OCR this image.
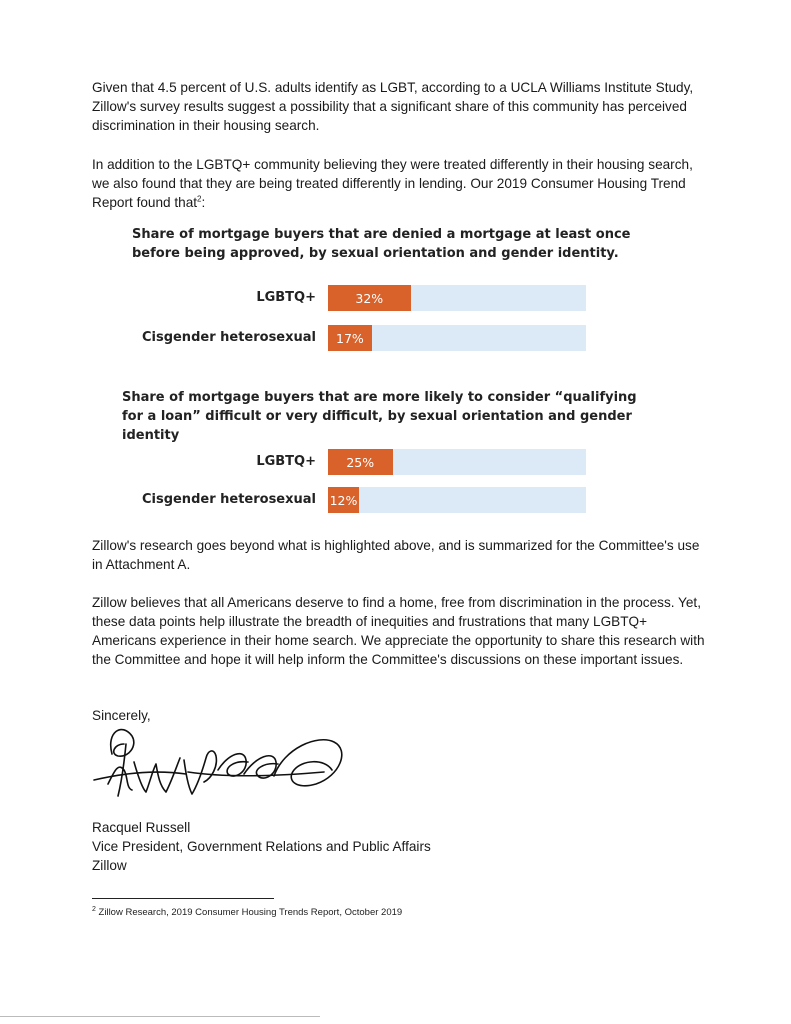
Given that 4.5 percent of U.S. adults identify as LGBT, according to a UCLA Williams Institute Study, Zillow's survey results suggest a possibility that a significant share of this community has perceived discrimination in their housing search.

In addition to the LGBTQ+ community believing they were treated differently in their housing search, we also found that they are being treated differently in lending. Our 2019 Consumer Housing Trend Report found that$^2$:

Share of mortgage buyers that are denied a mortgage at least once before being approved, by sexual orientation and gender identity.

LGBTQ+	32%
Cisgender heterosexual 17%

Share of mortgage buyers that are more likely to consider “qualifying for a loan” difficult or very difficult, by sexual orientation and gender identity

LGBTQ+ 25%
Cisgender heterosexual 12%

Zillow's research goes beyond what is highlighted above, and is summarized for the Committee's use in Attachment A.

Zillow believes that all Americans deserve to find a home, free from discrimination in the process. Yet, these data points help illustrate the breadth of inequities and frustrations that many LGBTQ+ Americans experience in their home search. We appreciate the opportunity to share this research with the Committee and hope it will help inform the Committee's discussions on these important issues.

Sincerely,
Racquel Russell
Vice President, Government Relations and Public Affairs
Zillow
$^2$ Zillow Research, 2019 Consumer Housing Trends Report, October 2019
